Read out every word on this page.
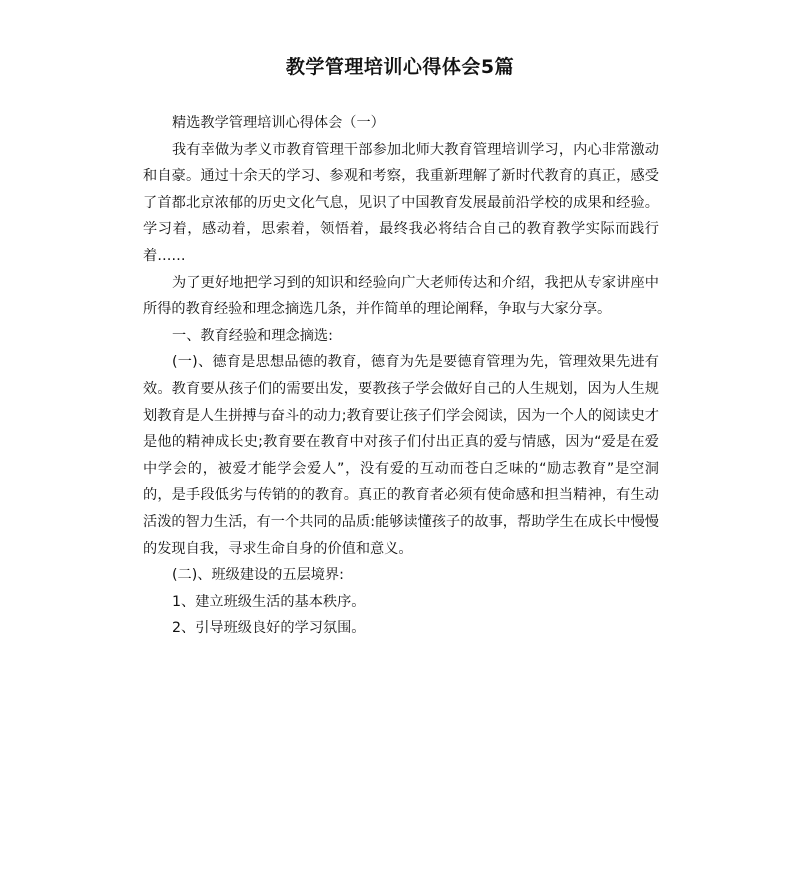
教学管理培训心得体会5篇

精选教学管理培训心得体会（一）

我有幸做为孝义市教育管理干部参加北师大教育管理培训学习，内心非常激动和自豪。通过十余天的学习、参观和考察，我重新理解了新时代教育的真正，感受了首都北京浓郁的历史文化气息，见识了中国教育发展最前沿学校的成果和经验。学习着，感动着，思索着，领悟着，最终我必将结合自己的教育教学实际而践行着……

为了更好地把学习到的知识和经验向广大老师传达和介绍，我把从专家讲座中所得的教育经验和理念摘选几条，并作简单的理论阐释，争取与大家分享。

一、教育经验和理念摘选:

(一)、德育是思想品德的教育，德育为先是要德育管理为先，管理效果先进有效。教育要从孩子们的需要出发，要教孩子学会做好自己的人生规划，因为人生规划教育是人生拼搏与奋斗的动力;教育要让孩子们学会阅读，因为一个人的阅读史才是他的精神成长史;教育要在教育中对孩子们付出正真的爱与情感，因为“爱是在爱中学会的，被爱才能学会爱人”，没有爱的互动而苍白乏味的“励志教育”是空洞的，是手段低劣与传销的的教育。真正的教育者必须有使命感和担当精神，有生动活泼的智力生活，有一个共同的品质:能够读懂孩子的故事，帮助学生在成长中慢慢的发现自我，寻求生命自身的价值和意义。

(二)、班级建设的五层境界:

1、建立班级生活的基本秩序。

2、引导班级良好的学习氛围。
